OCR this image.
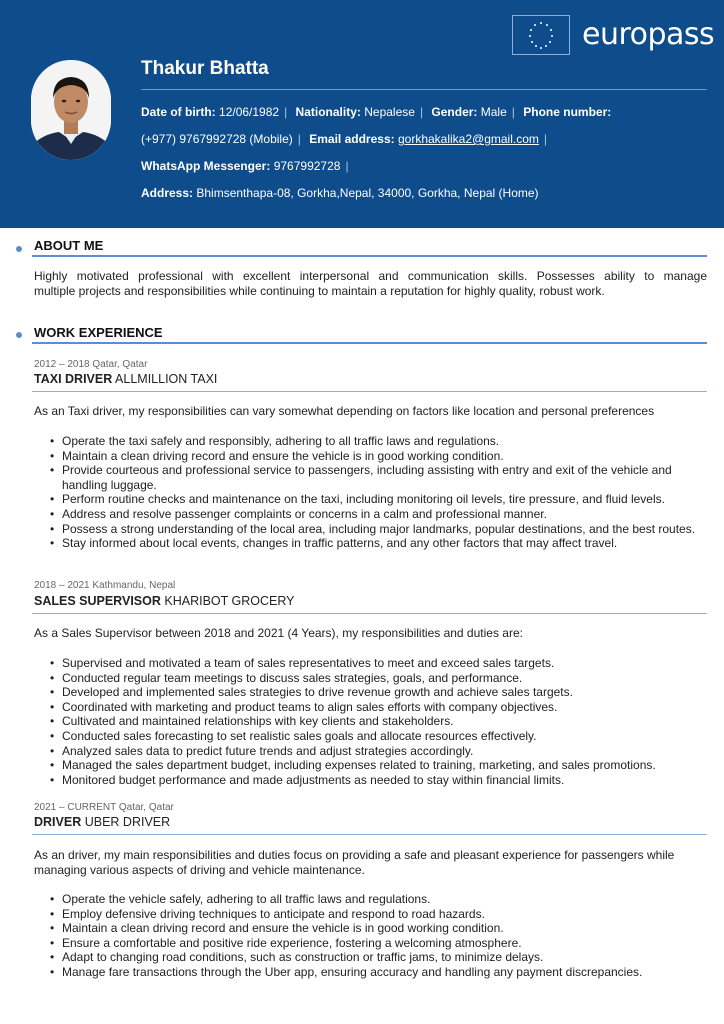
europass
Thakur Bhatta
Date of birth: 12/06/1982 | Nationality: Nepalese | Gender: Male | Phone number:
(+977) 9767992728 (Mobile) | Email address: gorkhakalika2@gmail.com |
WhatsApp Messenger: 9767992728 |
Address: Bhimsenthapa-08, Gorkha,Nepal, 34000, Gorkha, Nepal (Home)
ABOUT ME
Highly motivated professional with excellent interpersonal and communication skills. Possesses ability to manage
multiple projects and responsibilities while continuing to maintain a reputation for highly quality, robust work.
WORK EXPERIENCE
2012 – 2018 Qatar, Qatar
TAXI DRIVER ALLMILLION TAXI
As an Taxi driver, my responsibilities can vary somewhat depending on factors like location and personal preferences
• Operate the taxi safely and responsibly, adhering to all traffic laws and regulations.
• Maintain a clean driving record and ensure the vehicle is in good working condition.
• Provide courteous and professional service to passengers, including assisting with entry and exit of the vehicle and handling luggage.
• Perform routine checks and maintenance on the taxi, including monitoring oil levels, tire pressure, and fluid levels.
• Address and resolve passenger complaints or concerns in a calm and professional manner.
• Possess a strong understanding of the local area, including major landmarks, popular destinations, and the best routes.
• Stay informed about local events, changes in traffic patterns, and any other factors that may affect travel.
2018 – 2021 Kathmandu, Nepal
SALES SUPERVISOR KHARIBOT GROCERY
As a Sales Supervisor between 2018 and 2021 (4 Years), my responsibilities and duties are:
• Supervised and motivated a team of sales representatives to meet and exceed sales targets.
• Conducted regular team meetings to discuss sales strategies, goals, and performance.
• Developed and implemented sales strategies to drive revenue growth and achieve sales targets.
• Coordinated with marketing and product teams to align sales efforts with company objectives.
• Cultivated and maintained relationships with key clients and stakeholders.
• Conducted sales forecasting to set realistic sales goals and allocate resources effectively.
• Analyzed sales data to predict future trends and adjust strategies accordingly.
• Managed the sales department budget, including expenses related to training, marketing, and sales promotions.
• Monitored budget performance and made adjustments as needed to stay within financial limits.
2021 – CURRENT Qatar, Qatar
DRIVER UBER DRIVER
As an driver, my main responsibilities and duties focus on providing a safe and pleasant experience for passengers while managing various aspects of driving and vehicle maintenance.
• Operate the vehicle safely, adhering to all traffic laws and regulations.
• Employ defensive driving techniques to anticipate and respond to road hazards.
• Maintain a clean driving record and ensure the vehicle is in good working condition.
• Ensure a comfortable and positive ride experience, fostering a welcoming atmosphere.
• Adapt to changing road conditions, such as construction or traffic jams, to minimize delays.
• Manage fare transactions through the Uber app, ensuring accuracy and handling any payment discrepancies.
